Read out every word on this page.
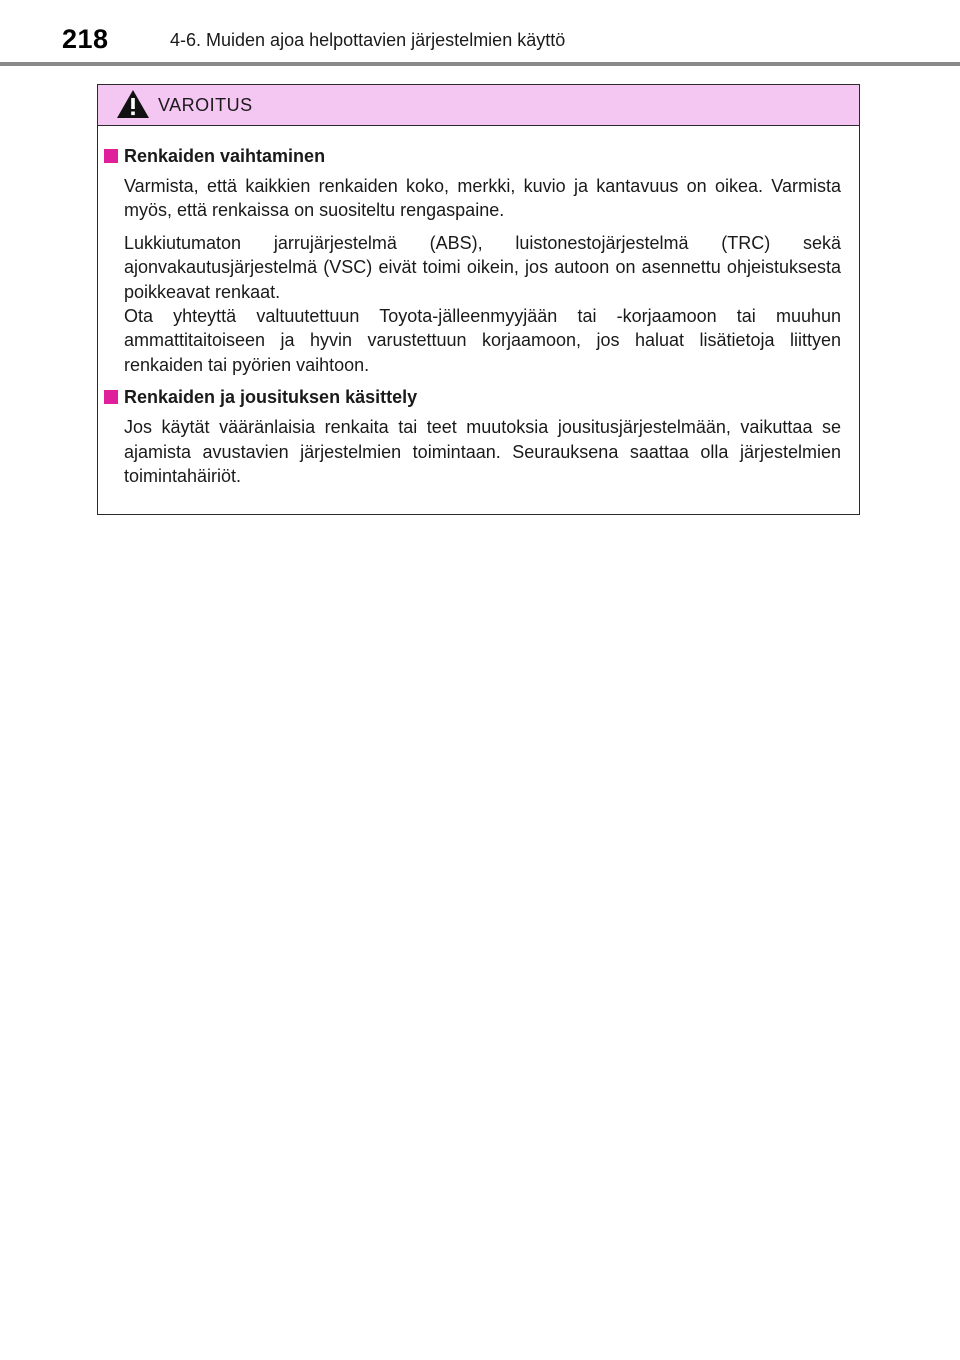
218	4-6. Muiden ajoa helpottavien järjestelmien käyttö
VAROITUS
Renkaiden vaihtaminen

Varmista, että kaikkien renkaiden koko, merkki, kuvio ja kantavuus on oikea. Varmista myös, että renkaissa on suositeltu rengaspaine.

Lukkiutumaton jarrujärjestelmä (ABS), luistonestojärjestelmä (TRC) sekä ajonvakautusjärjestelmä (VSC) eivät toimi oikein, jos autoon on asennettu ohjeistuksesta poikkeavat renkaat.

Ota yhteyttä valtuutettuun Toyota-jälleenmyyjään tai -korjaamoon tai muuhun ammattitaitoiseen ja hyvin varustettuun korjaamoon, jos haluat lisätietoja liittyen renkaiden tai pyörien vaihtoon.

Renkaiden ja jousituksen käsittely

Jos käytät vääränlaisia renkaita tai teet muutoksia jousitusjärjestelmään, vaikuttaa se ajamista avustavien järjestelmien toimintaan. Seurauksena saattaa olla järjestelmien toimintahäiriöt.
